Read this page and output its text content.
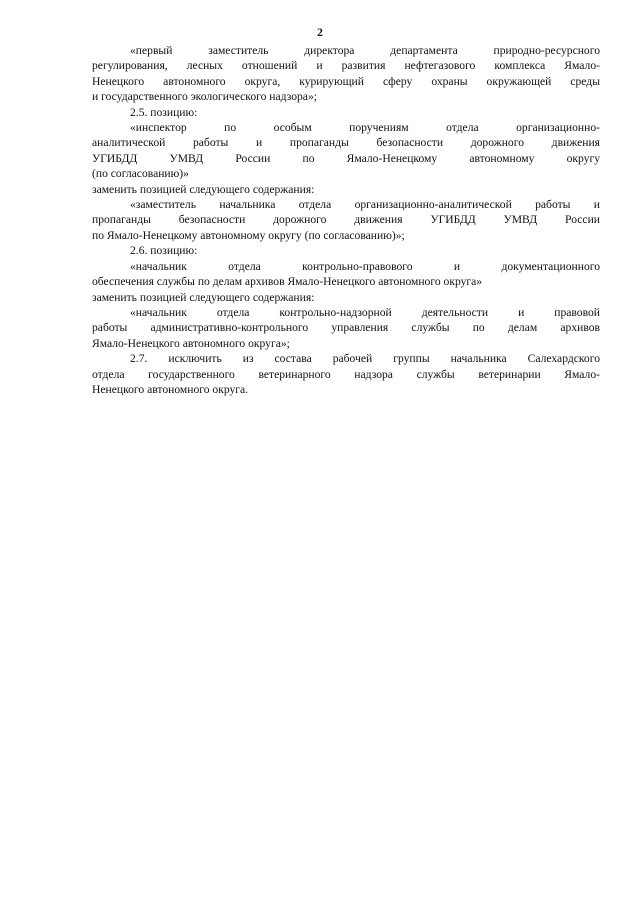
2

«первый заместитель директора департамента природно-ресурсного

регулирования, лесных отношений и развития нефтегазового комплекса Ямало-

Ненецкого автономного округа, курирующий сферу охраны окружающей среды

и государственного экологического надзора»;

2.5. позицию:

«инспектор по особым поручениям отдела организационно-

аналитической работы и пропаганды безопасности дорожного движения

УГИБДД УМВД России по Ямало-Ненецкому автономному округу

(по согласованию)»

заменить позицией следующего содержания:

«заместитель начальника отдела организационно-аналитической работы и

пропаганды безопасности дорожного движения УГИБДД УМВД России

по Ямало-Ненецкому автономному округу (по согласованию)»;

2.6. позицию:

«начальник отдела контрольно-правового и документационного

обеспечения службы по делам архивов Ямало-Ненецкого автономного округа»

заменить позицией следующего содержания:

«начальник отдела контрольно-надзорной деятельности и правовой

работы административно-контрольного управления службы по делам архивов

Ямало-Ненецкого автономного округа»;

2.7. исключить из состава рабочей группы начальника Салехардского

отдела государственного ветеринарного надзора службы ветеринарии Ямало-

Ненецкого автономного округа.
